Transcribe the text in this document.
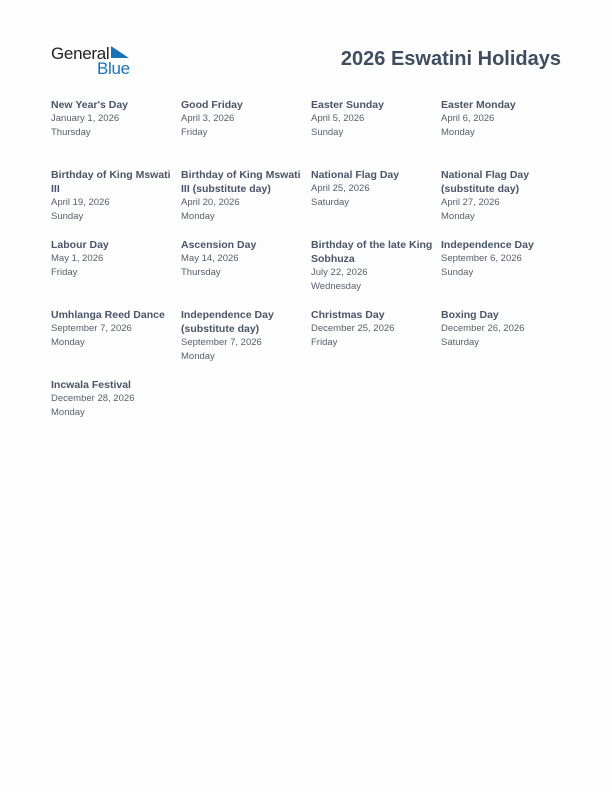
General
Blue	2026 Eswatini Holidays
New Year's Day
January 1, 2026
Thursday
Good Friday
April 3, 2026
Friday
Easter Sunday
April 5, 2026
Sunday
Easter Monday
April 6, 2026
Monday
Birthday of King Mswati III
April 19, 2026
Sunday
Birthday of King Mswati III (substitute day)
April 20, 2026
Monday
National Flag Day
April 25, 2026
Saturday
National Flag Day (substitute day)
April 27, 2026
Monday
Labour Day
May 1, 2026
Friday
Ascension Day
May 14, 2026
Thursday
Birthday of the late King Sobhuza
July 22, 2026
Wednesday
Independence Day
September 6, 2026
Sunday
Umhlanga Reed Dance
September 7, 2026
Monday
Independence Day (substitute day)
September 7, 2026
Monday
Christmas Day
December 25, 2026
Friday
Boxing Day
December 26, 2026
Saturday
Incwala Festival
December 28, 2026
Monday
